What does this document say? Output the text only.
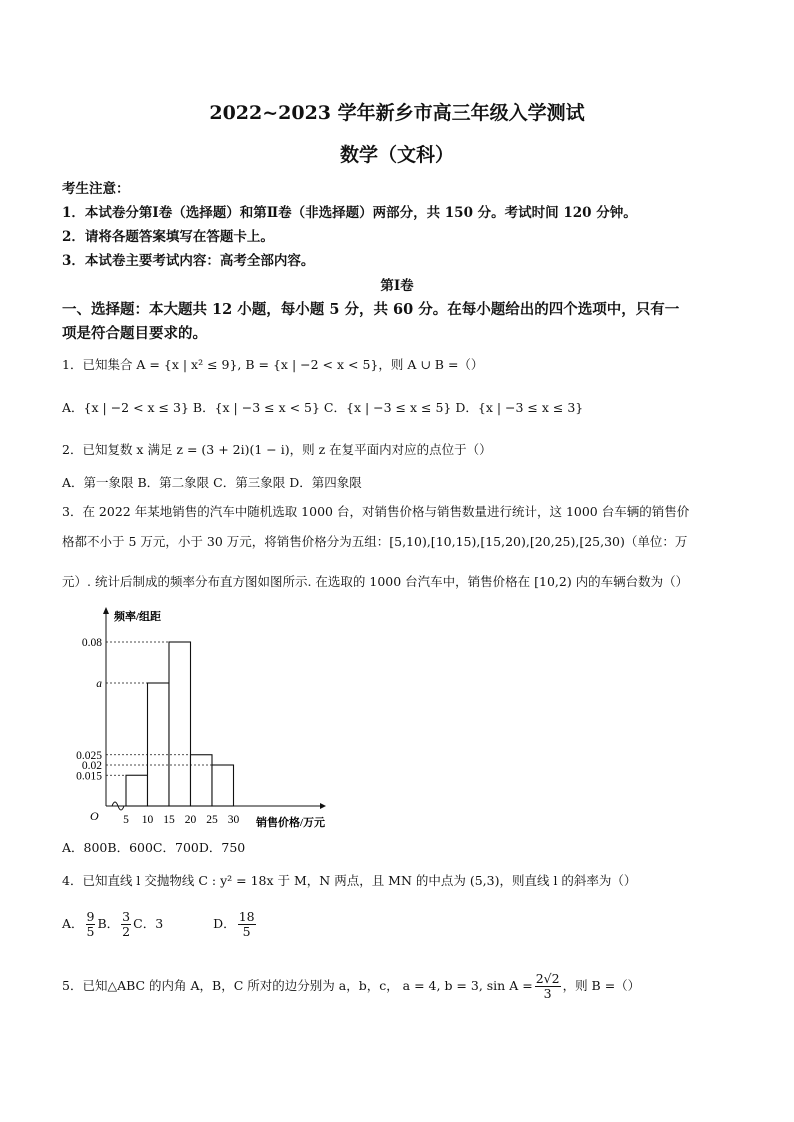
2022~2023 学年新乡市高三年级入学测试
数学（文科）
考生注意：
1．本试卷分第Ⅰ卷（选择题）和第Ⅱ卷（非选择题）两部分，共 150 分。考试时间 120 分钟。
2．请将各题答案填写在答题卡上。
3．本试卷主要考试内容：高考全部内容。
第Ⅰ卷
一、选择题：本大题共 12 小题，每小题 5 分，共 60 分。在每小题给出的四个选项中，只有一
项是符合题目要求的。
1．已知集合 A = {x | x² ≤ 9}, B = {x | −2 < x < 5}，则 A ∪ B =（）
A．{x | −2 < x ≤ 3} B．{x | −3 ≤ x < 5} C．{x | −3 ≤ x ≤ 5} D．{x | −3 ≤ x ≤ 3}
2．已知复数 x 满足 z = (3 + 2i)(1 − i)，则 z 在复平面内对应的点位于（）
A．第一象限 B．第二象限 C．第三象限 D．第四象限
3．在 2022 年某地销售的汽车中随机选取 1000 台，对销售价格与销售数量进行统计，这 1000 台车辆的销售价
格都不小于 5 万元，小于 30 万元，将销售价格分为五组：[5,10),[10,15),[15,20),[20,25),[25,30)（单位：万
元）. 统计后制成的频率分布直方图如图所示. 在选取的 1000 台汽车中，销售价格在 [10,2) 内的车辆台数为（）
频率/组距
销售价格/万元
O
0.08
a
0.025
0.02
0.015
5 10 15 20 25 30
A．800B．600C．700D．750
4．已知直线 l 交抛物线 C : y² = 18x 于 M，N 两点，且 MN 的中点为 (5,3)，则直线 l 的斜率为（）
A． $\frac{9}{5}$ B． $\frac{3}{2}$ C．3	D． $\frac{18}{5}$
5．已知△ABC 的内角 A，B，C 所对的边分别为 a，b，c， a = 4, b = 3, $\sin A = \frac{2√2}{3}$ ，则 B =（）
